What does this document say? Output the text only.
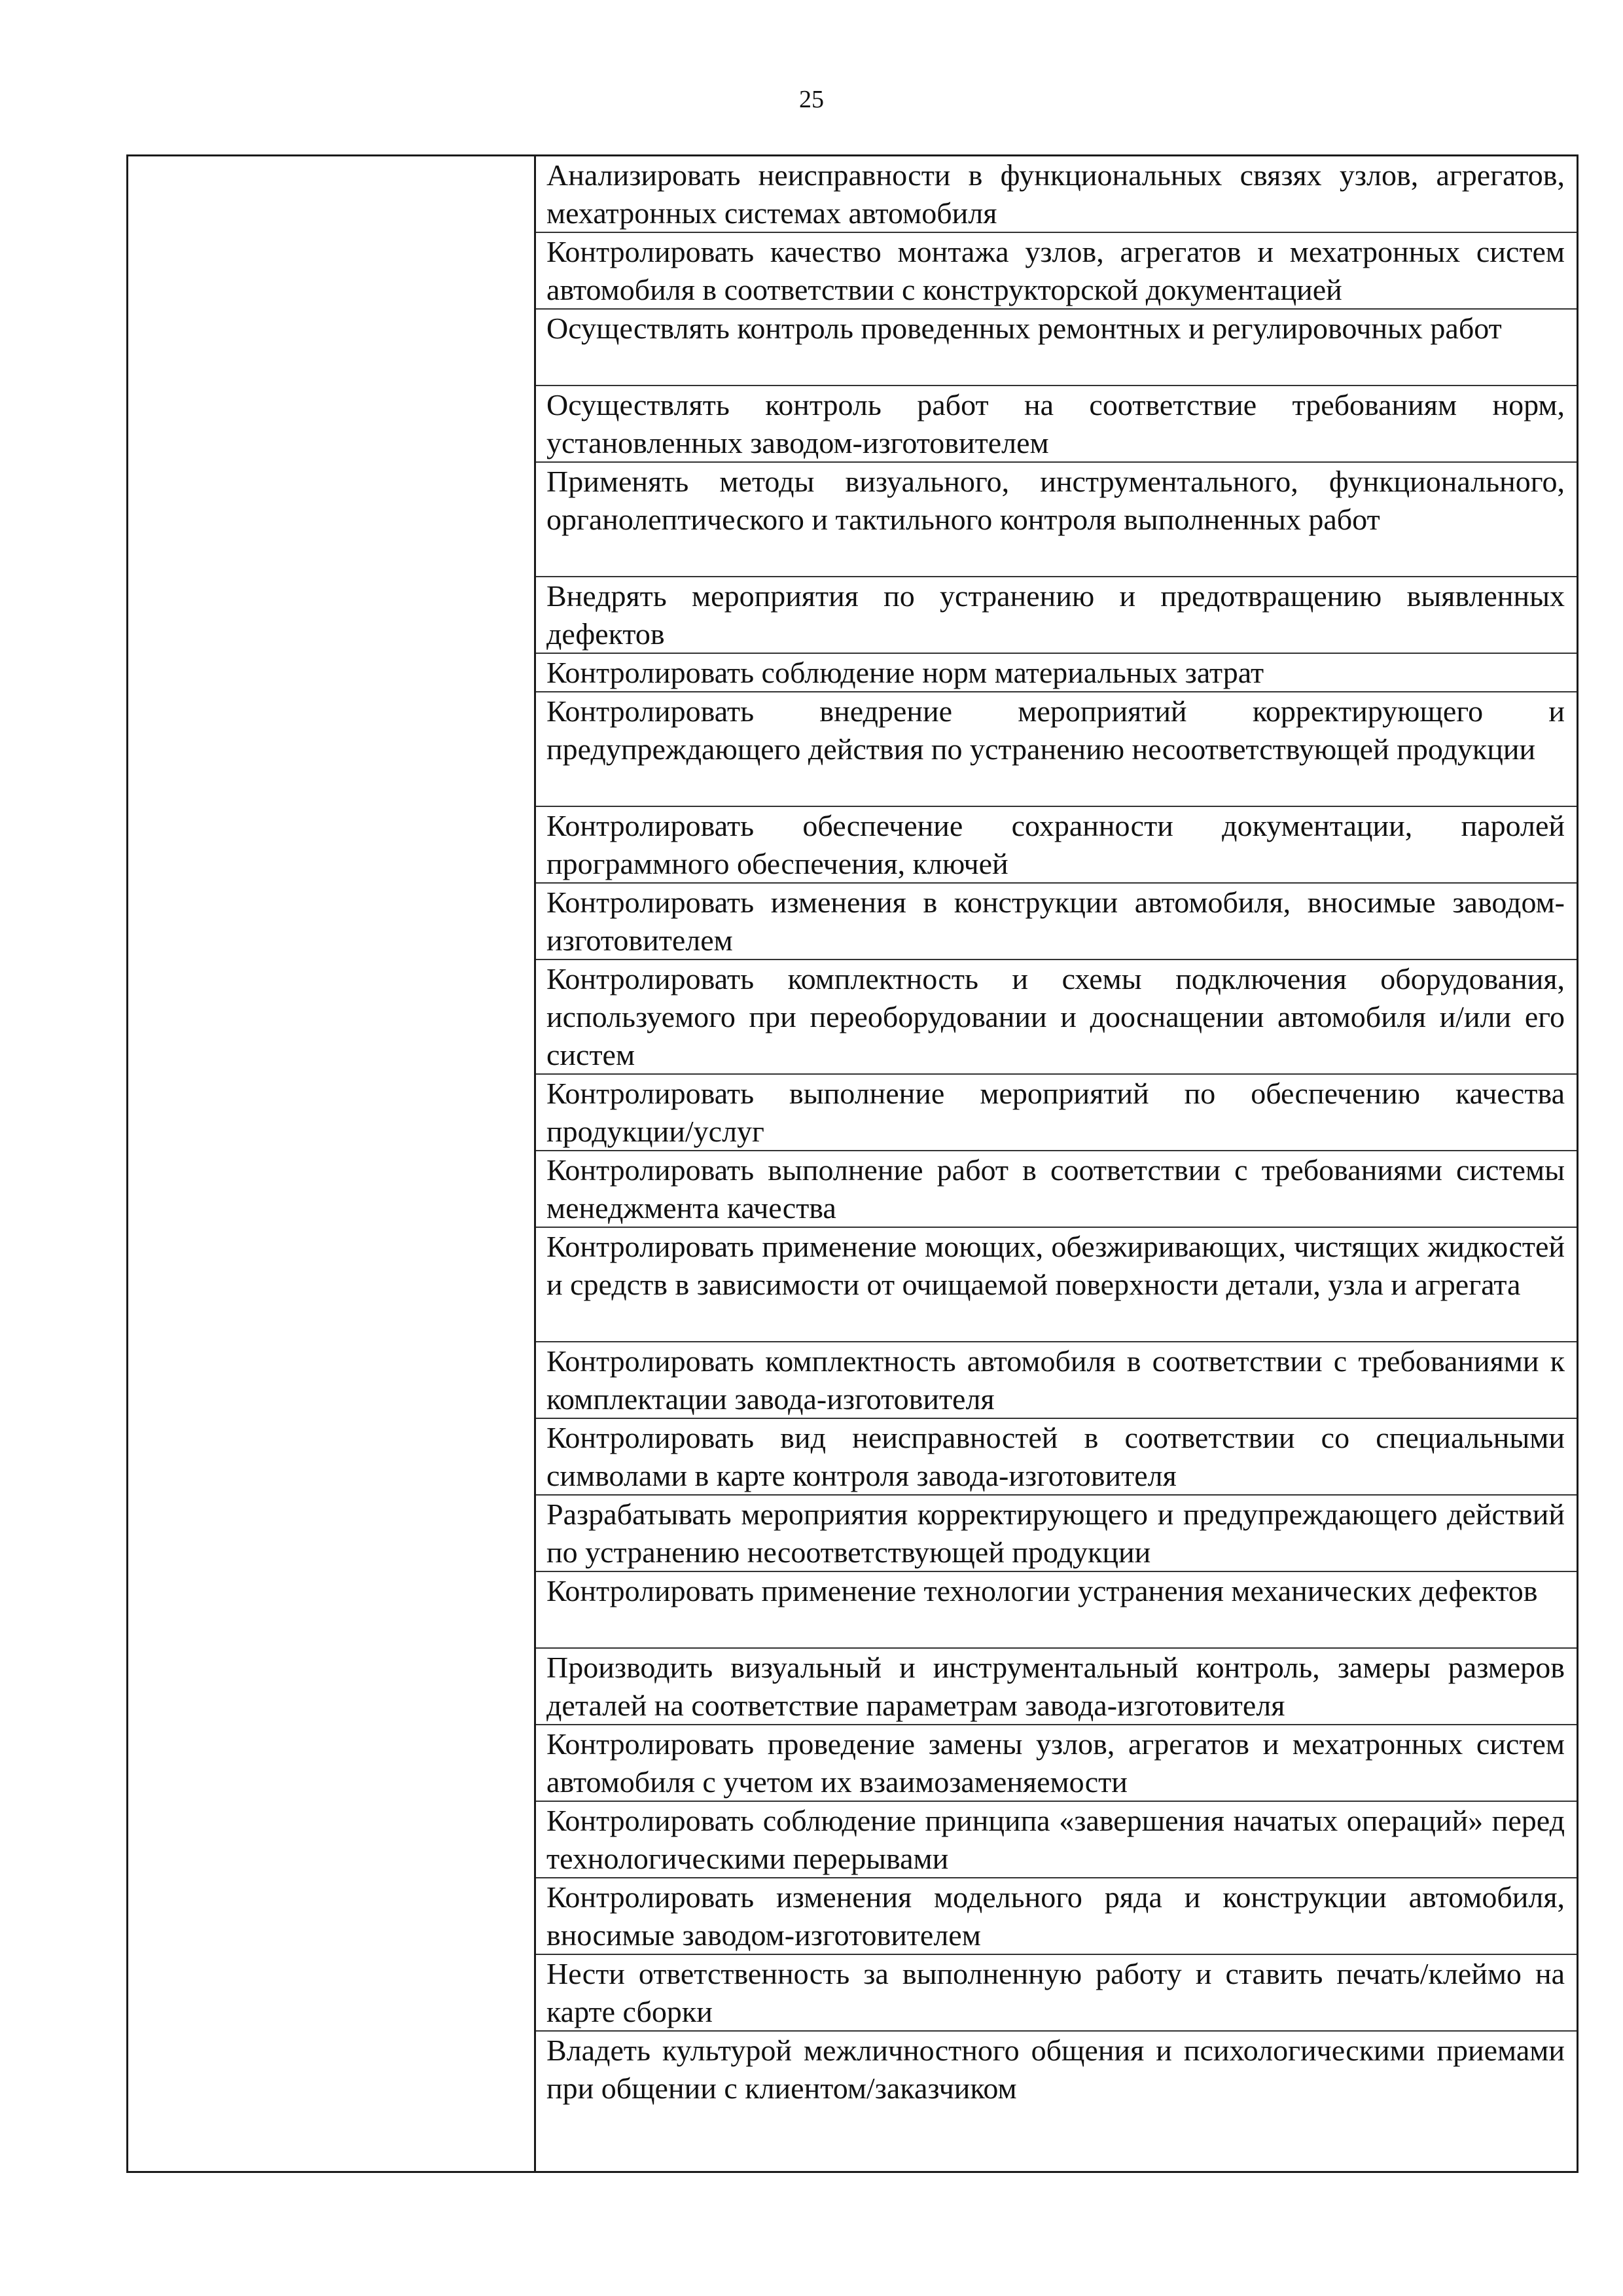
25

Анализировать неисправности в функциональных связях узлов, агрегатов, мехатронных системах автомобиля
Контролировать качество монтажа узлов, агрегатов и мехатронных систем автомобиля в соответствии с конструкторской документацией
Осуществлять контроль проведенных ремонтных и регулировочных работ
Осуществлять контроль работ на соответствие требованиям норм, установленных заводом-изготовителем
Применять методы визуального, инструментального, функционального, органолептического и тактильного контроля выполненных работ
Внедрять мероприятия по устранению и предотвращению выявленных дефектов
Контролировать соблюдение норм материальных затрат
Контролировать внедрение мероприятий корректирующего и предупреждающего действия по устранению несоответствующей продукции
Контролировать обеспечение сохранности документации, паролей программного обеспечения, ключей
Контролировать изменения в конструкции автомобиля, вносимые заводом-изготовителем
Контролировать комплектность и схемы подключения оборудования, используемого при переоборудовании и дооснащении автомобиля и/или его систем
Контролировать выполнение мероприятий по обеспечению качества продукции/услуг
Контролировать выполнение работ в соответствии с требованиями системы менеджмента качества
Контролировать применение моющих, обезжиривающих, чистящих жидкостей и средств в зависимости от очищаемой поверхности детали, узла и агрегата
Контролировать комплектность автомобиля в соответствии с требованиями к комплектации завода-изготовителя
Контролировать вид неисправностей в соответствии со специальными символами в карте контроля завода-изготовителя
Разрабатывать мероприятия корректирующего и предупреждающего действий по устранению несоответствующей продукции
Контролировать применение технологии устранения механических дефектов
Производить визуальный и инструментальный контроль, замеры размеров деталей на соответствие параметрам завода-изготовителя
Контролировать проведение замены узлов, агрегатов и мехатронных систем автомобиля с учетом их взаимозаменяемости
Контролировать соблюдение принципа «завершения начатых операций» перед технологическими перерывами
Контролировать изменения модельного ряда и конструкции автомобиля, вносимые заводом-изготовителем
Нести ответственность за выполненную работу и ставить печать/клеймо на карте сборки
Владеть культурой межличностного общения и психологическими приемами при общении с клиентом/заказчиком
